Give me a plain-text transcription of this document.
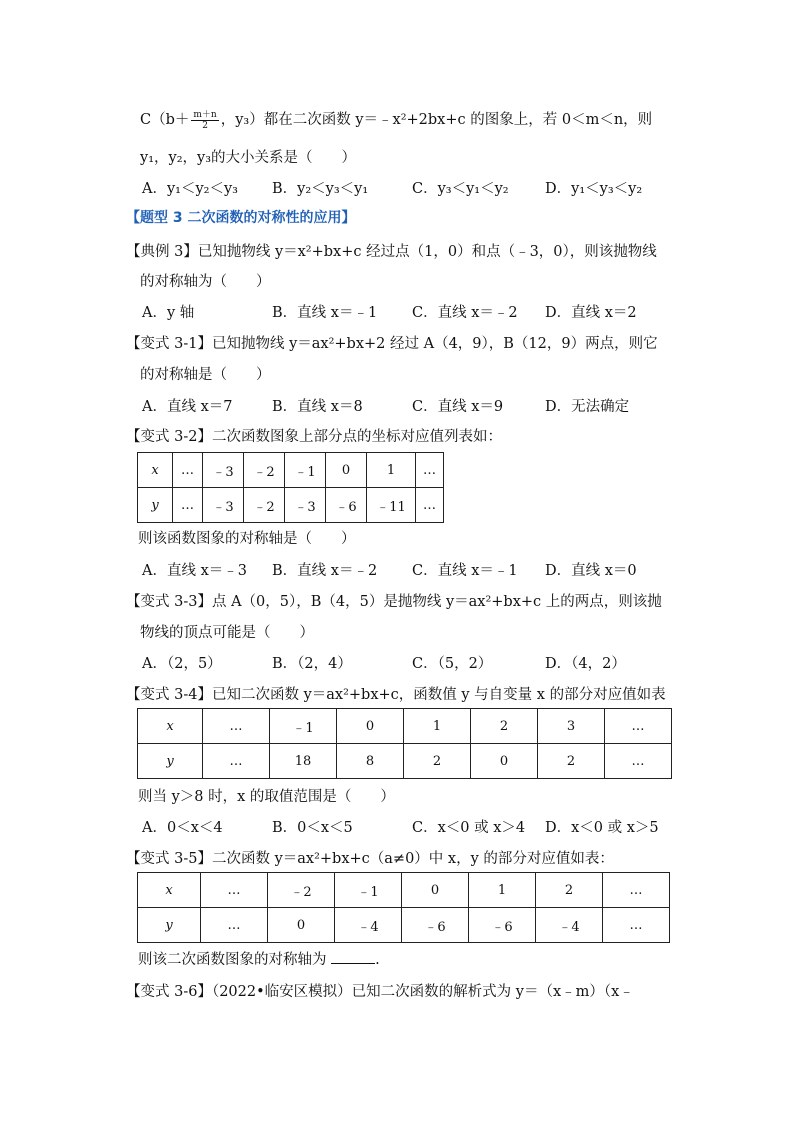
$C(b+ \frac{m+n}{2}$ ，y₃）都在二次函数 y＝﹣x²+2bx+c 的图象上，若 0＜m＜n，则
y₁，y₂，y₃的大小关系是（　　）
A．y₁＜y₂＜y₃ B．y₂＜y₃＜y₁	C．y₃＜y₁＜y₂	D．y₁＜y₃＜y₂
【题型 3 二次函数的对称性的应用】
【典例 3】已知抛物线 y＝x²+bx+c 经过点（1，0）和点（﹣3，0），则该抛物线
的对称轴为（　　）
A．y 轴	B．直线 x＝﹣1 C．直线 x＝﹣2 D．直线 x＝2
【变式 3-1】已知抛物线 y＝ax²+bx+2 经过 A（4，9），B（12，9）两点，则它
的对称轴是（　　）
A．直线 x＝7	B．直线 x＝8	C．直线 x＝9	D．无法确定
【变式 3-2】二次函数图象上部分点的坐标对应值列表如：
x	…	﹣3	﹣2	﹣1	0	1	…
y	…	﹣3	﹣2	﹣3	﹣6	﹣11	…
则该函数图象的对称轴是（　　）
A．直线 x＝﹣3 B．直线 x＝﹣2 C．直线 x＝﹣1 D．直线 x＝0
【变式 3-3】点 A（0，5），B（4，5）是抛物线 y＝ax²+bx+c 上的两点，则该抛
物线的顶点可能是（　　）
A．（2，5）	B．（2，4）	C．（5，2）	D．（4，2）
【变式 3-4】已知二次函数 y＝ax²+bx+c，函数值 y 与自变量 x 的部分对应值如表
x	…	﹣1	0	1	2	3	…
y	…	18	8	2	0	2	…
则当 y＞8 时，x 的取值范围是（　　）
A．0＜x＜4	B．0＜x＜5	C．x＜0 或 x＞4 D．x＜0 或 x＞5
【变式 3-5】二次函数 y＝ax²+bx+c（a≠0）中 x，y 的部分对应值如表：
x	…	﹣2	﹣1	0	1	2	…
y	…	0	﹣4	﹣6	﹣6	﹣4	…
则该二次函数图象的对称轴为	.
【变式 3-6】（2022•临安区模拟）已知二次函数的解析式为 y＝（x﹣m）（x﹣
